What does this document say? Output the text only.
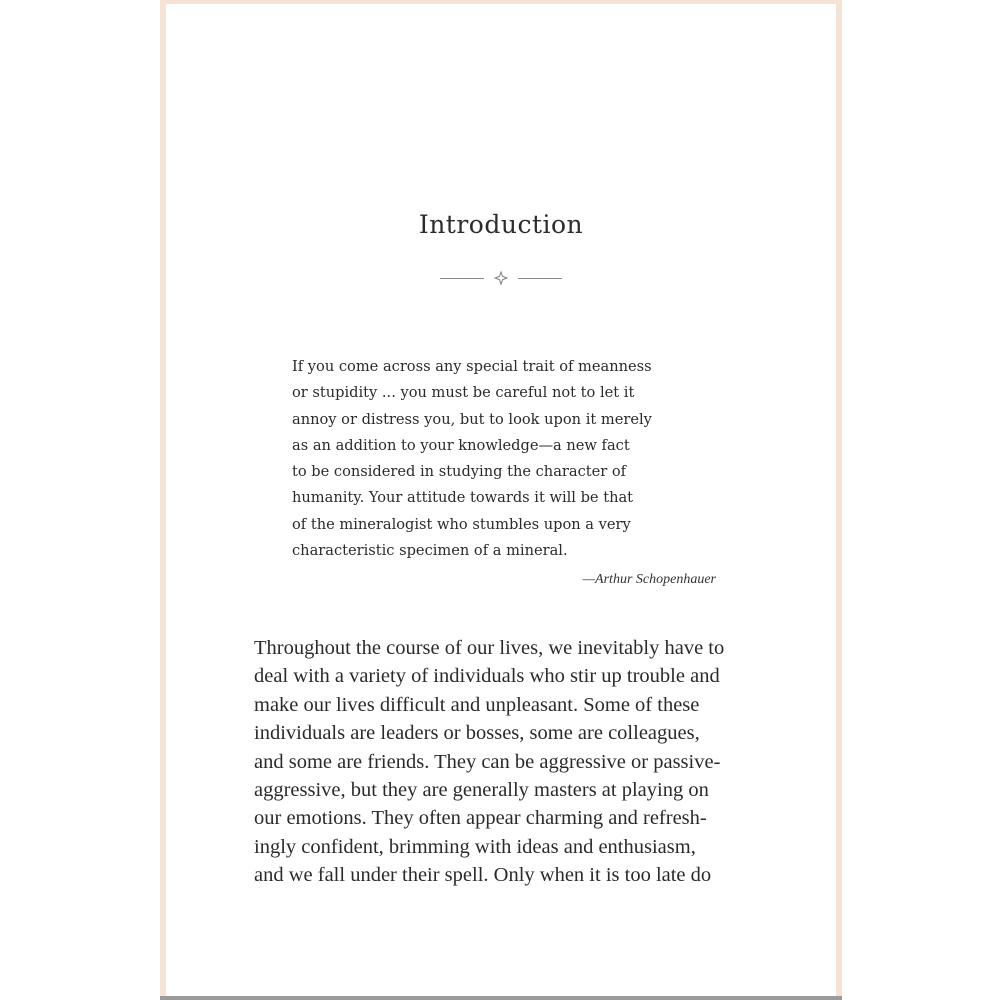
Introduction
If you come across any special trait of meanness
or stupidity ... you must be careful not to let it
annoy or distress you, but to look upon it merely
as an addition to your knowledge—a new fact
to be considered in studying the character of
humanity. Your attitude towards it will be that
of the mineralogist who stumbles upon a very
characteristic specimen of a mineral.
—Arthur Schopenhauer
Throughout the course of our lives, we inevitably have to
deal with a variety of individuals who stir up trouble and
make our lives difficult and unpleasant. Some of these
individuals are leaders or bosses, some are colleagues,
and some are friends. They can be aggressive or passive-
aggressive, but they are generally masters at playing on
our emotions. They often appear charming and refresh-
ingly confident, brimming with ideas and enthusiasm,
and we fall under their spell. Only when it is too late do
